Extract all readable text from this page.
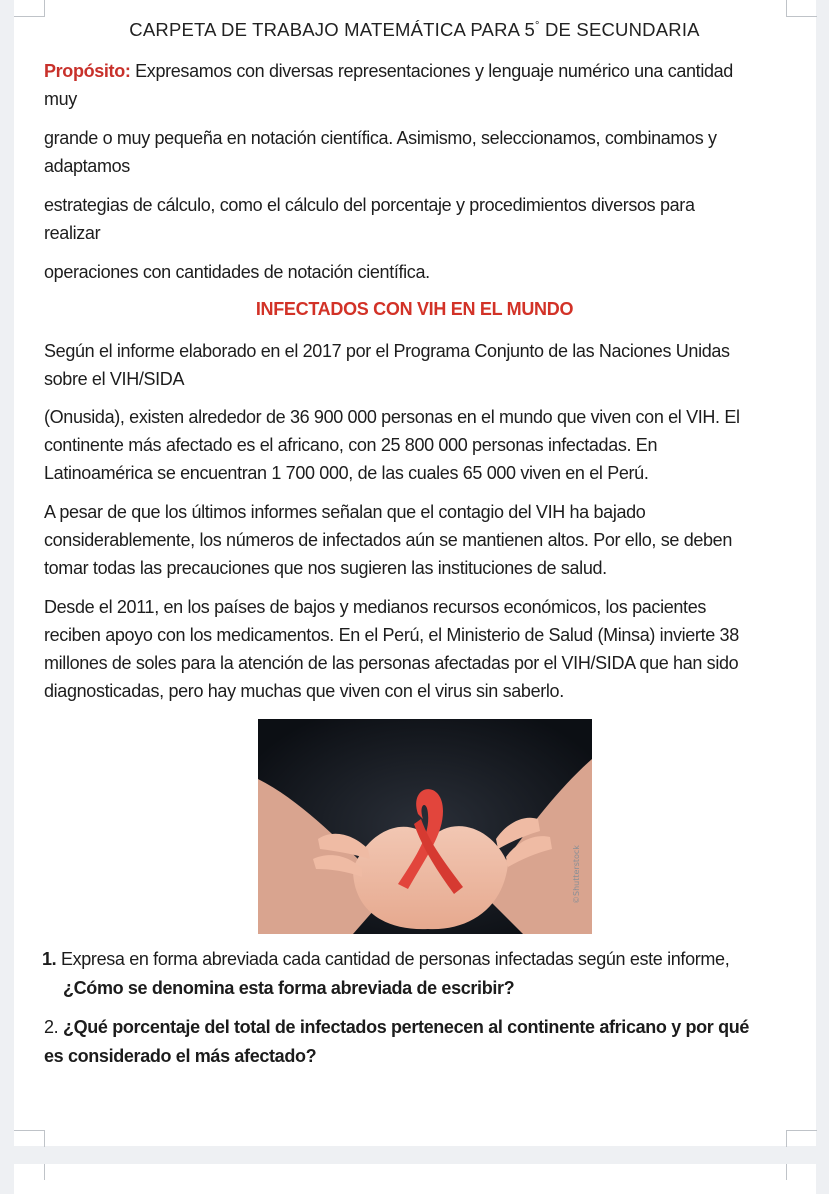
CARPETA DE TRABAJO MATEMÁTICA PARA 5° DE SECUNDARIA
Propósito: Expresamos con diversas representaciones y lenguaje numérico una cantidad
muy
grande o muy pequeña en notación científica. Asimismo, seleccionamos, combinamos y
adaptamos
estrategias de cálculo, como el cálculo del porcentaje y procedimientos diversos para
realizar
operaciones con cantidades de notación científica.
INFECTADOS CON VIH EN EL MUNDO
Según el informe elaborado en el 2017 por el Programa Conjunto de las Naciones Unidas
sobre el VIH/SIDA
(Onusida), existen alrededor de 36 900 000 personas en el mundo que viven con el VIH. El
continente más afectado es el africano, con 25 800 000 personas infectadas. En
Latinoamérica se encuentran 1 700 000, de las cuales 65 000 viven en el Perú.
A pesar de que los últimos informes señalan que el contagio del VIH ha bajado
considerablemente, los números de infectados aún se mantienen altos. Por ello, se deben
tomar todas las precauciones que nos sugieren las instituciones de salud.
Desde el 2011, en los países de bajos y medianos recursos económicos, los pacientes
reciben apoyo con los medicamentos. En el Perú, el Ministerio de Salud (Minsa) invierte 38
millones de soles para la atención de las personas afectadas por el VIH/SIDA que han sido
diagnosticadas, pero hay muchas que viven con el virus sin saberlo.
©Shutterstock
1. Expresa en forma abreviada cada cantidad de personas infectadas según este informe,
¿Cómo se denomina esta forma abreviada de escribir?
2. ¿Qué porcentaje del total de infectados pertenecen al continente africano y por qué
es considerado el más afectado?
